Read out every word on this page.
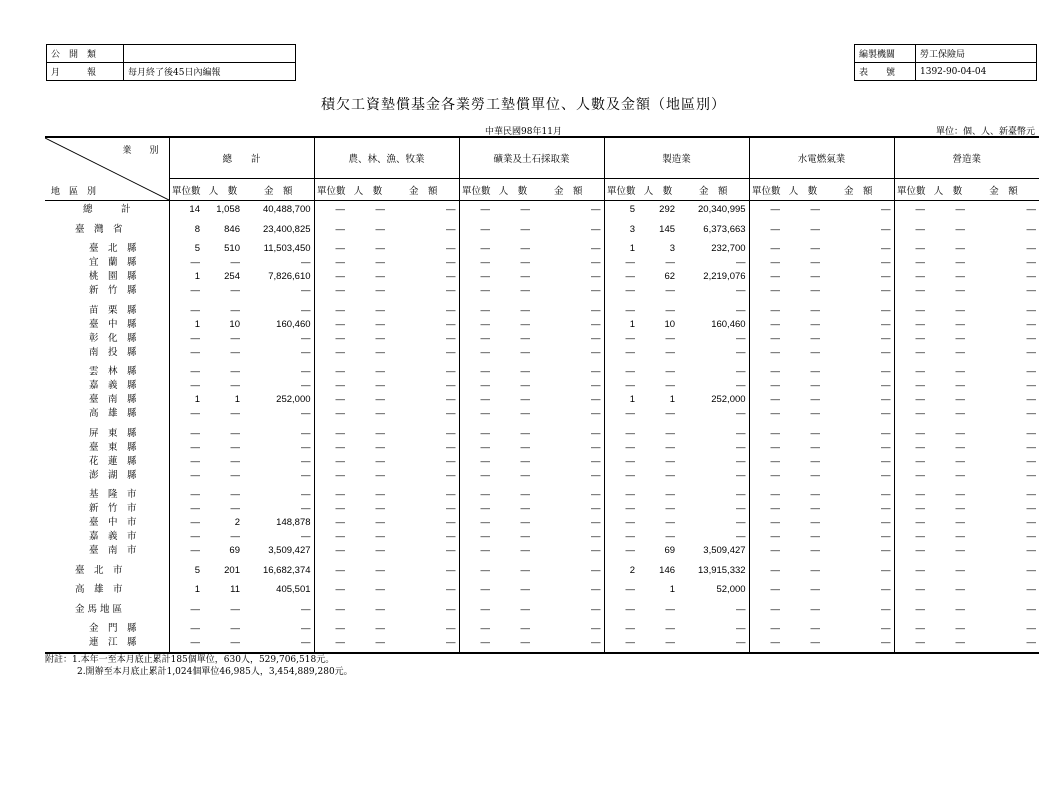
公　開　類	
月　　　報	每月終了後45日內編報
編製機關	勞工保險局
表　　號	1392-90-04-04
積欠工資墊償基金各業勞工墊償單位、人數及金額（地區別）
中華民國98年11月	單位：個、人、新臺幣元
業　　別
地　區　別	總　　計			農、林、漁、牧業			礦業及土石採取業			製造業			水電燃氣業			營造業		
	單位數	人　數	金　額	單位數	人　數	金　額	單位數	人　數	金　額	單位數	人　數	金　額	單位數	人　數	金　額	單位數	人　數	金　額
總　　　計	14	1,058	40,488,700	—	—	—	—	—	—	5	292	20,340,995	—	—	—	—	—	—
臺　灣　省	8	846	23,400,825	—	—	—	—	—	—	3	145	6,373,663	—	—	—	—	—	—
臺　北　縣	5	510	11,503,450	—	—	—	—	—	—	1	3	232,700	—	—	—	—	—	—
宜　蘭　縣	—	—	—	—	—	—	—	—	—	—	—	—	—	—	—	—	—	—
桃　園　縣	1	254	7,826,610	—	—	—	—	—	—	—	62	2,219,076	—	—	—	—	—	—
新　竹　縣	—	—	—	—	—	—	—	—	—	—	—	—	—	—	—	—	—	—
苗　栗　縣	—	—	—	—	—	—	—	—	—	—	—	—	—	—	—	—	—	—
臺　中　縣	1	10	160,460	—	—	—	—	—	—	1	10	160,460	—	—	—	—	—	—
彰　化　縣	—	—	—	—	—	—	—	—	—	—	—	—	—	—	—	—	—	—
南　投　縣	—	—	—	—	—	—	—	—	—	—	—	—	—	—	—	—	—	—
雲　林　縣	—	—	—	—	—	—	—	—	—	—	—	—	—	—	—	—	—	—
嘉　義　縣	—	—	—	—	—	—	—	—	—	—	—	—	—	—	—	—	—	—
臺　南　縣	1	1	252,000	—	—	—	—	—	—	1	1	252,000	—	—	—	—	—	—
高　雄　縣	—	—	—	—	—	—	—	—	—	—	—	—	—	—	—	—	—	—
屏　東　縣	—	—	—	—	—	—	—	—	—	—	—	—	—	—	—	—	—	—
臺　東　縣	—	—	—	—	—	—	—	—	—	—	—	—	—	—	—	—	—	—
花　蓮　縣	—	—	—	—	—	—	—	—	—	—	—	—	—	—	—	—	—	—
澎　湖　縣	—	—	—	—	—	—	—	—	—	—	—	—	—	—	—	—	—	—
基　隆　市	—	—	—	—	—	—	—	—	—	—	—	—	—	—	—	—	—	—
新　竹　市	—	—	—	—	—	—	—	—	—	—	—	—	—	—	—	—	—	—
臺　中　市	—	2	148,878	—	—	—	—	—	—	—	—	—	—	—	—	—	—	—
嘉　義　市	—	—	—	—	—	—	—	—	—	—	—	—	—	—	—	—	—	—
臺　南　市	—	69	3,509,427	—	—	—	—	—	—	—	69	3,509,427	—	—	—	—	—	—
臺　北　市	5	201	16,682,374	—	—	—	—	—	—	2	146	13,915,332	—	—	—	—	—	—
高　雄　市	1	11	405,501	—	—	—	—	—	—	—	1	52,000	—	—	—	—	—	—
金 馬 地 區	—	—	—	—	—	—	—	—	—	—	—	—	—	—	—	—	—	—
金　門　縣	—	—	—	—	—	—	—	—	—	—	—	—	—	—	—	—	—	—
連　江　縣	—	—	—	—	—	—	—	—	—	—	—	—	—	—	—	—	—	—

附註：1.本年一至本月底止累計185個單位，630人，529,706,518元。
2.開辦至本月底止累計1,024個單位46,985人，3,454,889,280元。
